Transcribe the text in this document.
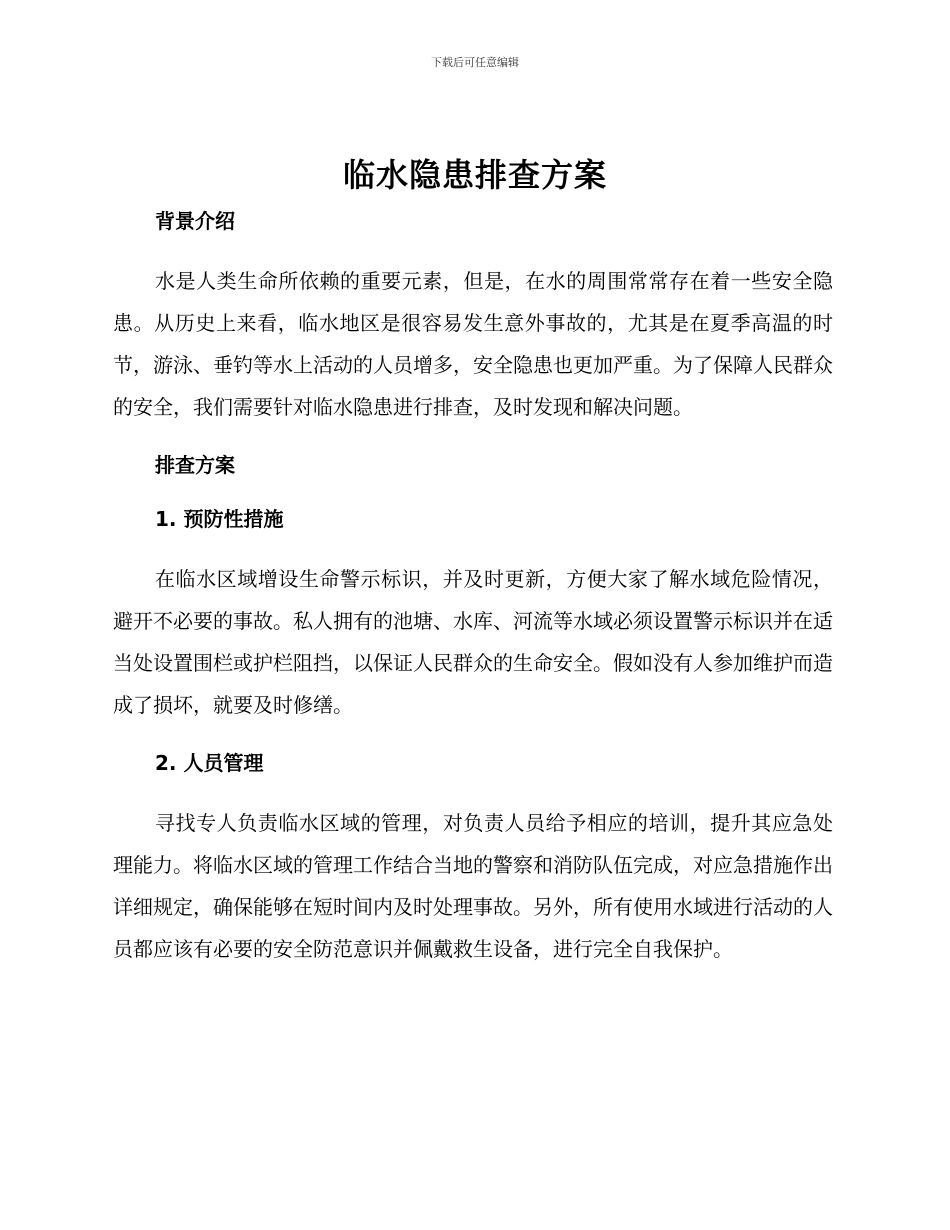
下载后可任意编辑
临水隐患排查方案
背景介绍

水是人类生命所依赖的重要元素，但是，在水的周围常常存在着一些安全隐患。从历史上来看，临水地区是很容易发生意外事故的，尤其是在夏季高温的时节，游泳、垂钓等水上活动的人员增多，安全隐患也更加严重。为了保障人民群众的安全，我们需要针对临水隐患进行排查，及时发现和解决问题。

排查方案
1. 预防性措施

在临水区域增设生命警示标识，并及时更新，方便大家了解水域危险情况，避开不必要的事故。私人拥有的池塘、水库、河流等水域必须设置警示标识并在适当处设置围栏或护栏阻挡，以保证人民群众的生命安全。假如没有人参加维护而造成了损坏，就要及时修缮。

2. 人员管理

寻找专人负责临水区域的管理，对负责人员给予相应的培训，提升其应急处理能力。将临水区域的管理工作结合当地的警察和消防队伍完成，对应急措施作出详细规定，确保能够在短时间内及时处理事故。另外，所有使用水域进行活动的人员都应该有必要的安全防范意识并佩戴救生设备，进行完全自我保护。
